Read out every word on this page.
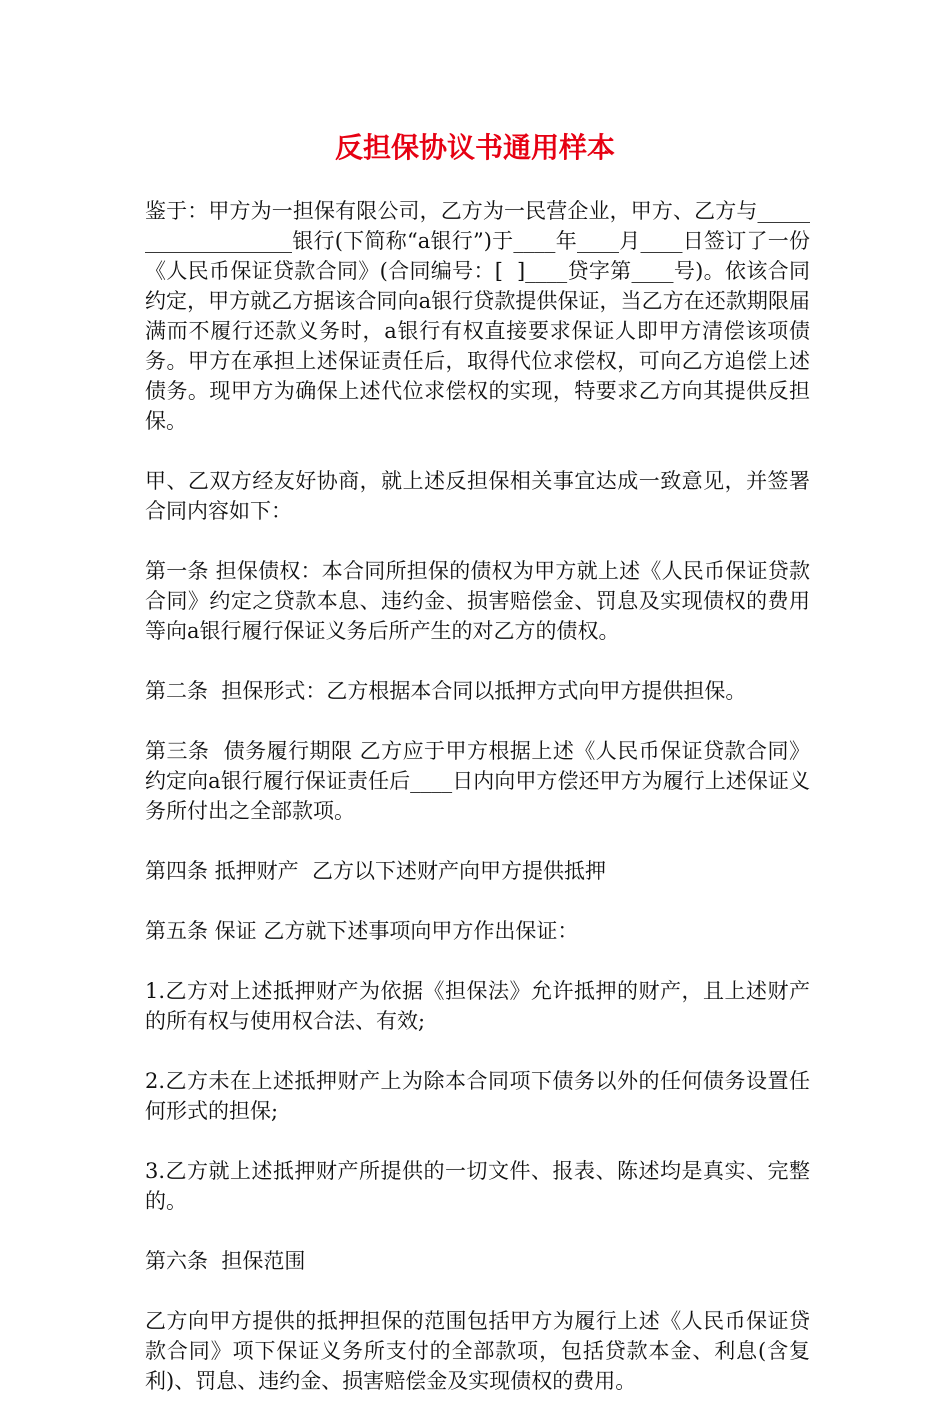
反担保协议书通用样本

鉴于：甲方为一担保有限公司，乙方为一民营企业，甲方、乙方与___________________银行(下简称“a银行”)于____年____月____日签订了一份《人民币保证贷款合同》(合同编号：[  ]____贷字第____号)。依该合同约定，甲方就乙方据该合同向a银行贷款提供保证，当乙方在还款期限届满而不履行还款义务时，a银行有权直接要求保证人即甲方清偿该项债务。甲方在承担上述保证责任后，取得代位求偿权，可向乙方追偿上述债务。现甲方为确保上述代位求偿权的实现，特要求乙方向其提供反担保。

甲、乙双方经友好协商，就上述反担保相关事宜达成一致意见，并签署合同内容如下：

第一条 担保债权：本合同所担保的债权为甲方就上述《人民币保证贷款合同》约定之贷款本息、违约金、损害赔偿金、罚息及实现债权的费用等向a银行履行保证义务后所产生的对乙方的债权。

第二条  担保形式：乙方根据本合同以抵押方式向甲方提供担保。

第三条  债务履行期限 乙方应于甲方根据上述《人民币保证贷款合同》约定向a银行履行保证责任后____日内向甲方偿还甲方为履行上述保证义务所付出之全部款项。

第四条 抵押财产  乙方以下述财产向甲方提供抵押

第五条 保证 乙方就下述事项向甲方作出保证：

1.乙方对上述抵押财产为依据《担保法》允许抵押的财产，且上述财产的所有权与使用权合法、有效;

2.乙方未在上述抵押财产上为除本合同项下债务以外的任何债务设置任何形式的担保;

3.乙方就上述抵押财产所提供的一切文件、报表、陈述均是真实、完整的。

第六条  担保范围

乙方向甲方提供的抵押担保的范围包括甲方为履行上述《人民币保证贷款合同》项下保证义务所支付的全部款项，包括贷款本金、利息(含复利)、罚息、违约金、损害赔偿金及实现债权的费用。
